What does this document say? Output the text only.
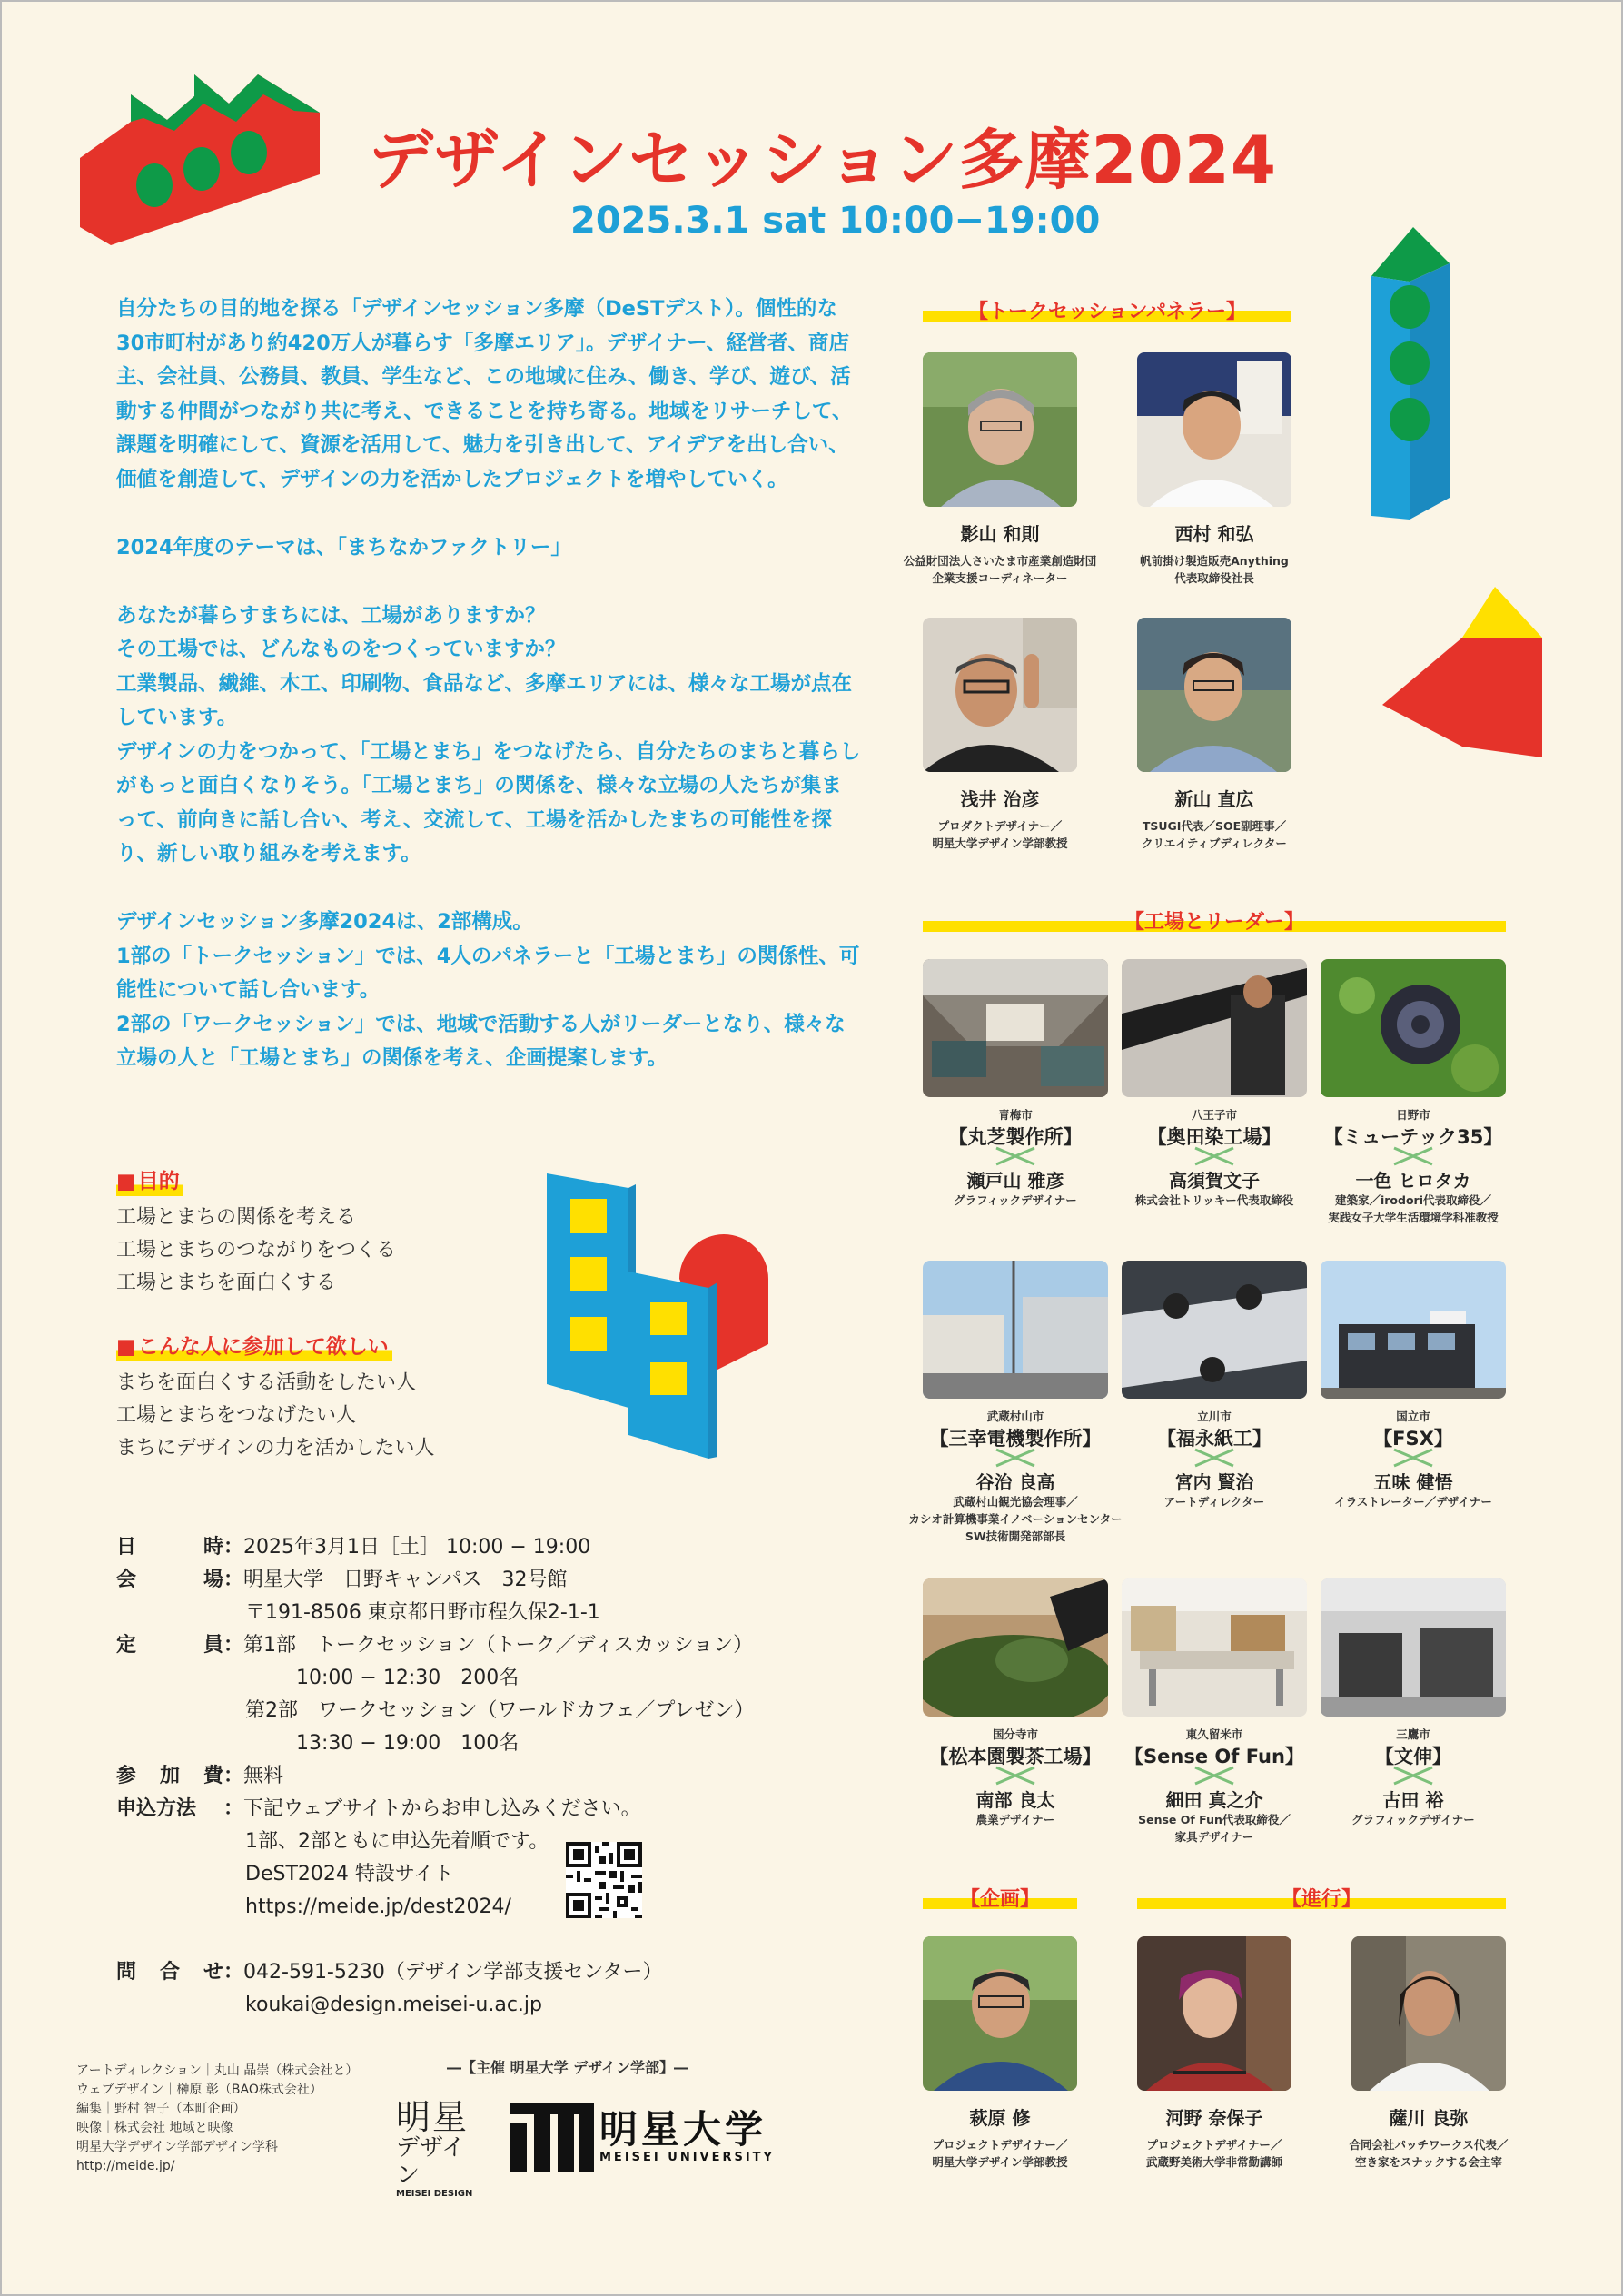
デザインセッション多摩2024
2025.3.1 sat 10:00−19:00

自分たちの目的地を探る「デザインセッション多摩（DeSTデスト）。個性的な30市町村があり約420万人が暮らす「多摩エリア」。デザイナー、経営者、商店主、会社員、公務員、教員、学生など、この地域に住み、働き、学び、遊び、活動する仲間がつながり共に考え、できることを持ち寄る。地域をリサーチして、課題を明確にして、資源を活用して、魅力を引き出して、アイデアを出し合い、価値を創造して、デザインの力を活かしたプロジェクトを増やしていく。

2024年度のテーマは、「まちなかファクトリー」

あなたが暮らすまちには、工場がありますか？
その工場では、どんなものをつくっていますか？
工業製品、繊維、木工、印刷物、食品など、多摩エリアには、様々な工場が点在しています。

デザインの力をつかって、「工場とまち」をつなげたら、自分たちのまちと暮らしがもっと面白くなりそう。「工場とまち」の関係を、様々な立場の人たちが集まって、前向きに話し合い、考え、交流して、工場を活かしたまちの可能性を探り、新しい取り組みを考えます。

デザインセッション多摩2024は、2部構成。
1部の「トークセッション」では、4人のパネラーと「工場とまち」の関係性、可能性について話し合います。
2部の「ワークセッション」では、地域で活動する人がリーダーとなり、様々な立場の人と「工場とまち」の関係を考え、企画提案します。
■ 目的
工場とまちの関係を考える
工場とまちのつながりをつくる
工場とまちを面白くする
■ こんな人に参加して欲しい
まちを面白くする活動をしたい人
工場とまちをつなげたい人
まちにデザインの力を活かしたい人
日	時 ： 2025年3月1日［土］ 10:00 − 19:00
会	場 ： 明星大学　日野キャンパス　32号館
〒191-8506 東京都日野市程久保2-1-1
定	員 ： 第1部　トークセッション（トーク／ディスカッション）
10:00 − 12:30　200名
第2部　ワークセッション（ワールドカフェ／プレゼン）
13:30 − 19:00　100名
参 加 費 ： 無料
申込方法 ： 下記ウェブサイトからお申し込みください。
1部、2部ともに申込先着順です。
DeST2024 特設サイト
https://meide.jp/dest2024/
問 合 せ ： 042-591-5230（デザイン学部支援センター）
koukai@design.meisei-u.ac.jp
アートディレクション｜丸山 晶崇（株式会社と）
ウェブデザイン｜榊原 彰（BAO株式会社）
編集｜野村 智子（本町企画）
映像｜株式会社 地域と映像
明星大学デザイン学部デザイン学科
http://meide.jp/
―【主催 明星大学 デザイン学部】―
明星
デザイン
MEISEI DESIGN
明星大学
MEISEI UNIVERSITY
【トークセッションパネラー】
影山 和則
公益財団法人さいたま市産業創造財団
企業支援コーディネーター
西村 和弘
帆前掛け製造販売Anything
代表取締役社長
浅井 治彦
プロダクトデザイナー／
明星大学デザイン学部教授
新山 直広
TSUGI代表／SOE副理事／
クリエイティブディレクター
【工場とリーダー】
青梅市
【丸芝製作所】
瀬戸山 雅彦
グラフィックデザイナー
八王子市
【奥田染工場】
高須賀文子
株式会社トリッキー代表取締役
日野市
【ミューテック35】
一色 ヒロタカ
建築家／irodori代表取締役／
実践女子大学生活環境学科准教授
武蔵村山市
【三幸電機製作所】
谷治 良高
武蔵村山観光協会理事／
カシオ計算機事業イノベーションセンター
SW技術開発部部長
立川市
【福永紙工】
宮内 賢治
アートディレクター
国立市
【FSX】
五味 健悟
イラストレーター／デザイナー
国分寺市
【松本園製茶工場】
南部 良太
農業デザイナー
東久留米市
【Sense Of Fun】
細田 真之介
Sense Of Fun代表取締役／
家具デザイナー
三鷹市
【文伸】
古田 裕
グラフィックデザイナー
【企画】	【進行】
萩原 修
プロジェクトデザイナー／
明星大学デザイン学部教授
河野 奈保子
プロジェクトデザイナー／
武蔵野美術大学非常勤講師
薩川 良弥
合同会社パッチワークス代表／
空き家をスナックする会主宰
